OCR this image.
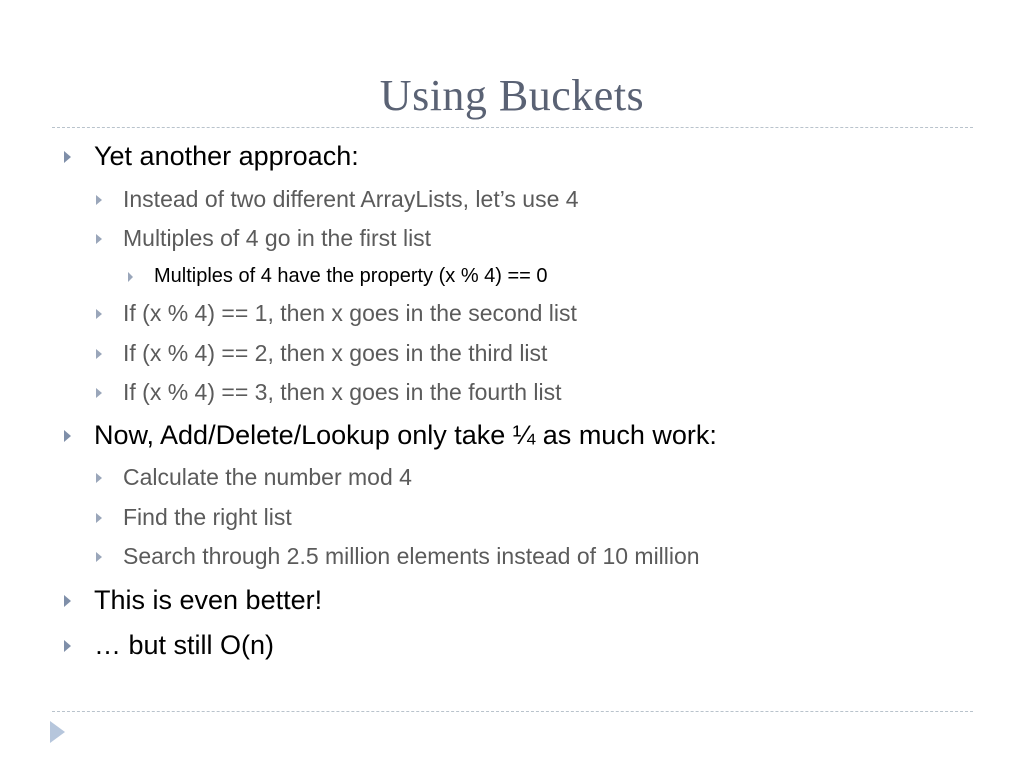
Using Buckets
Yet another approach:
Instead of two different ArrayLists, let’s use 4
Multiples of 4 go in the first list
Multiples of 4 have the property (x % 4) == 0
If (x % 4) == 1, then x goes in the second list
If (x % 4) == 2, then x goes in the third list
If (x % 4) == 3, then x goes in the fourth list
Now, Add/Delete/Lookup only take ¼ as much work:
Calculate the number mod 4
Find the right list
Search through 2.5 million elements instead of 10 million
This is even better!
… but still O(n)
